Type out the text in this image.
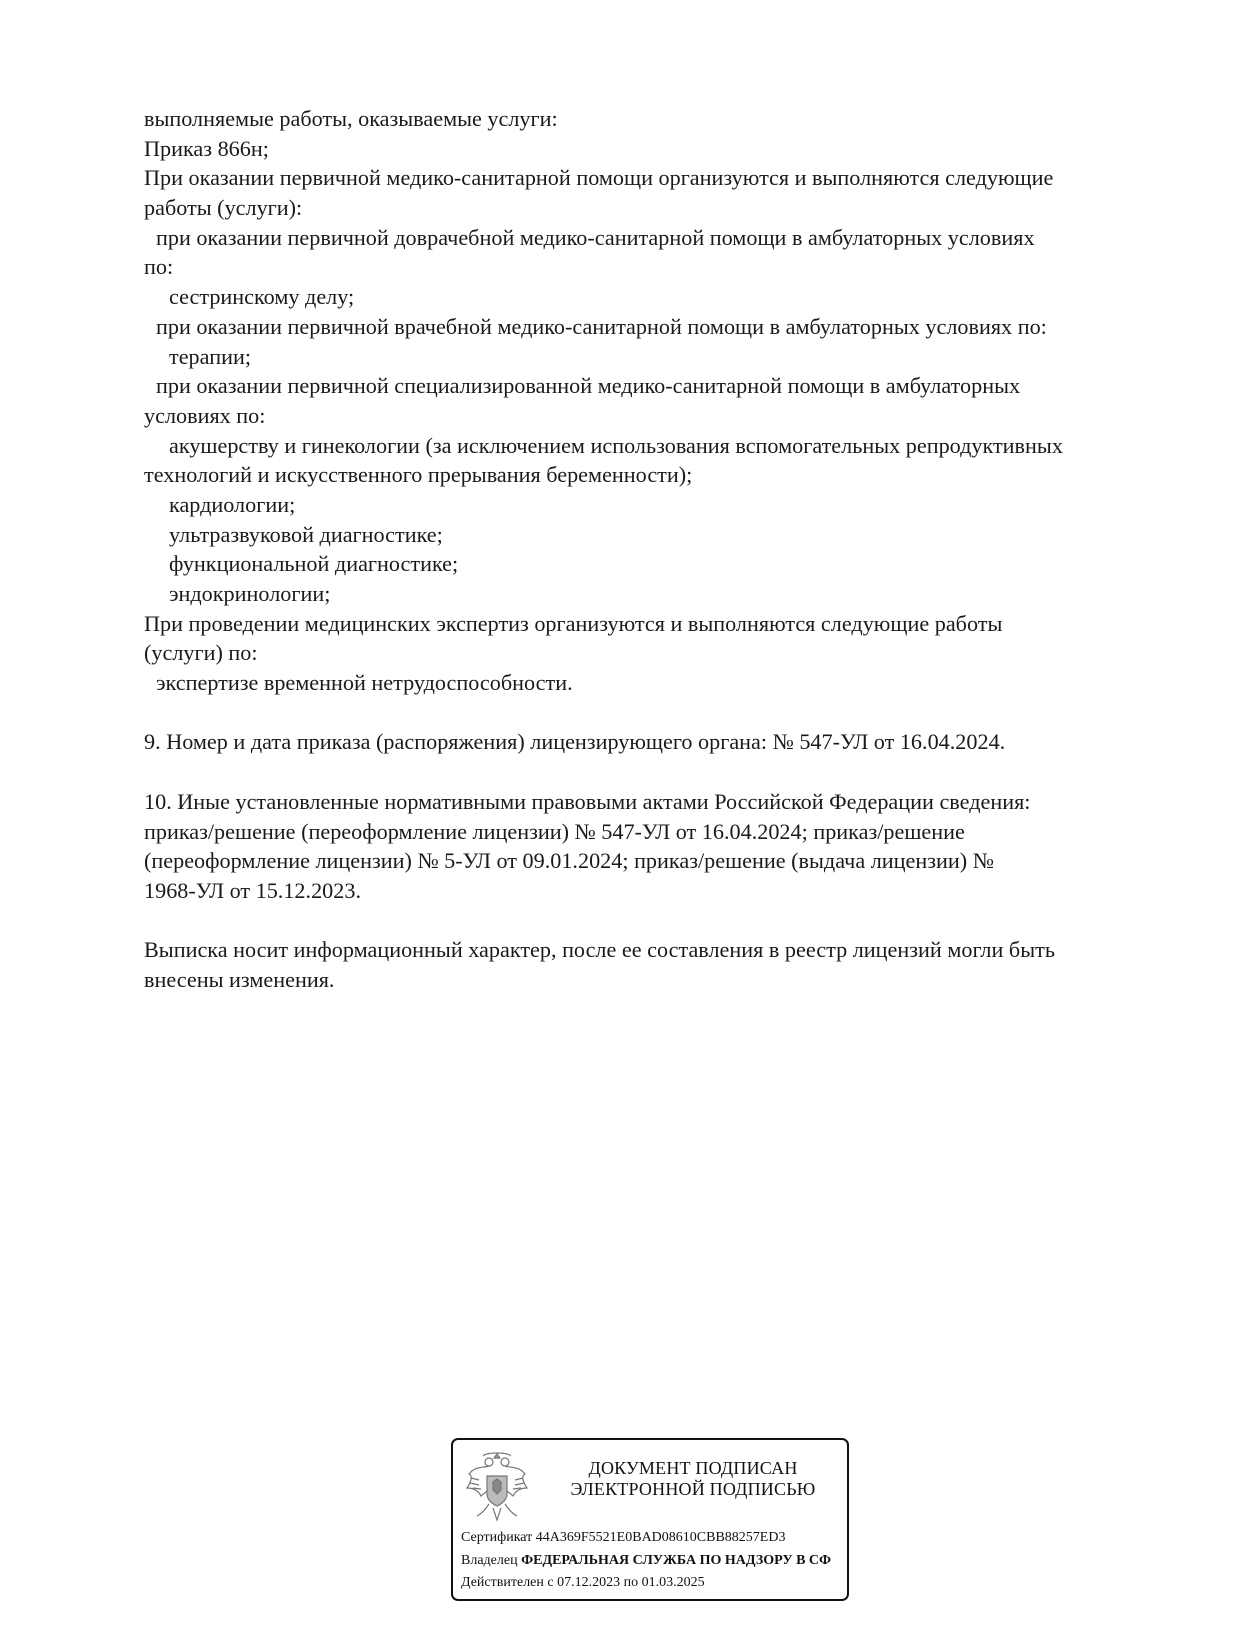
выполняемые работы, оказываемые услуги:
Приказ 866н;
При оказании первичной медико-санитарной помощи организуются и выполняются следующие
работы (услуги):
при оказании первичной доврачебной медико-санитарной помощи в амбулаторных условиях
по:
сестринскому делу;
при оказании первичной врачебной медико-санитарной помощи в амбулаторных условиях по:
терапии;
при оказании первичной специализированной медико-санитарной помощи в амбулаторных
условиях по:
акушерству и гинекологии (за исключением использования вспомогательных репродуктивных
технологий и искусственного прерывания беременности);
кардиологии;
ультразвуковой диагностике;
функциональной диагностике;
эндокринологии;
При проведении медицинских экспертиз организуются и выполняются следующие работы
(услуги) по:
экспертизе временной нетрудоспособности.
9. Номер и дата приказа (распоряжения) лицензирующего органа: № 547-УЛ от 16.04.2024.
10. Иные установленные нормативными правовыми актами Российской Федерации сведения:
приказ/решение (переоформление лицензии) № 547-УЛ от 16.04.2024; приказ/решение
(переоформление лицензии) № 5-УЛ от 09.01.2024; приказ/решение (выдача лицензии) №
1968-УЛ от 15.12.2023.
Выписка носит информационный характер, после ее составления в реестр лицензий могли быть
внесены изменения.
ДОКУМЕНТ ПОДПИСАН
ЭЛЕКТРОННОЙ ПОДПИСЬЮ
Сертификат 44A369F5521E0BAD08610CBB88257ED3
Владелец ФЕДЕРАЛЬНАЯ СЛУЖБА ПО НАДЗОРУ В СФ
Действителен с 07.12.2023 по 01.03.2025
